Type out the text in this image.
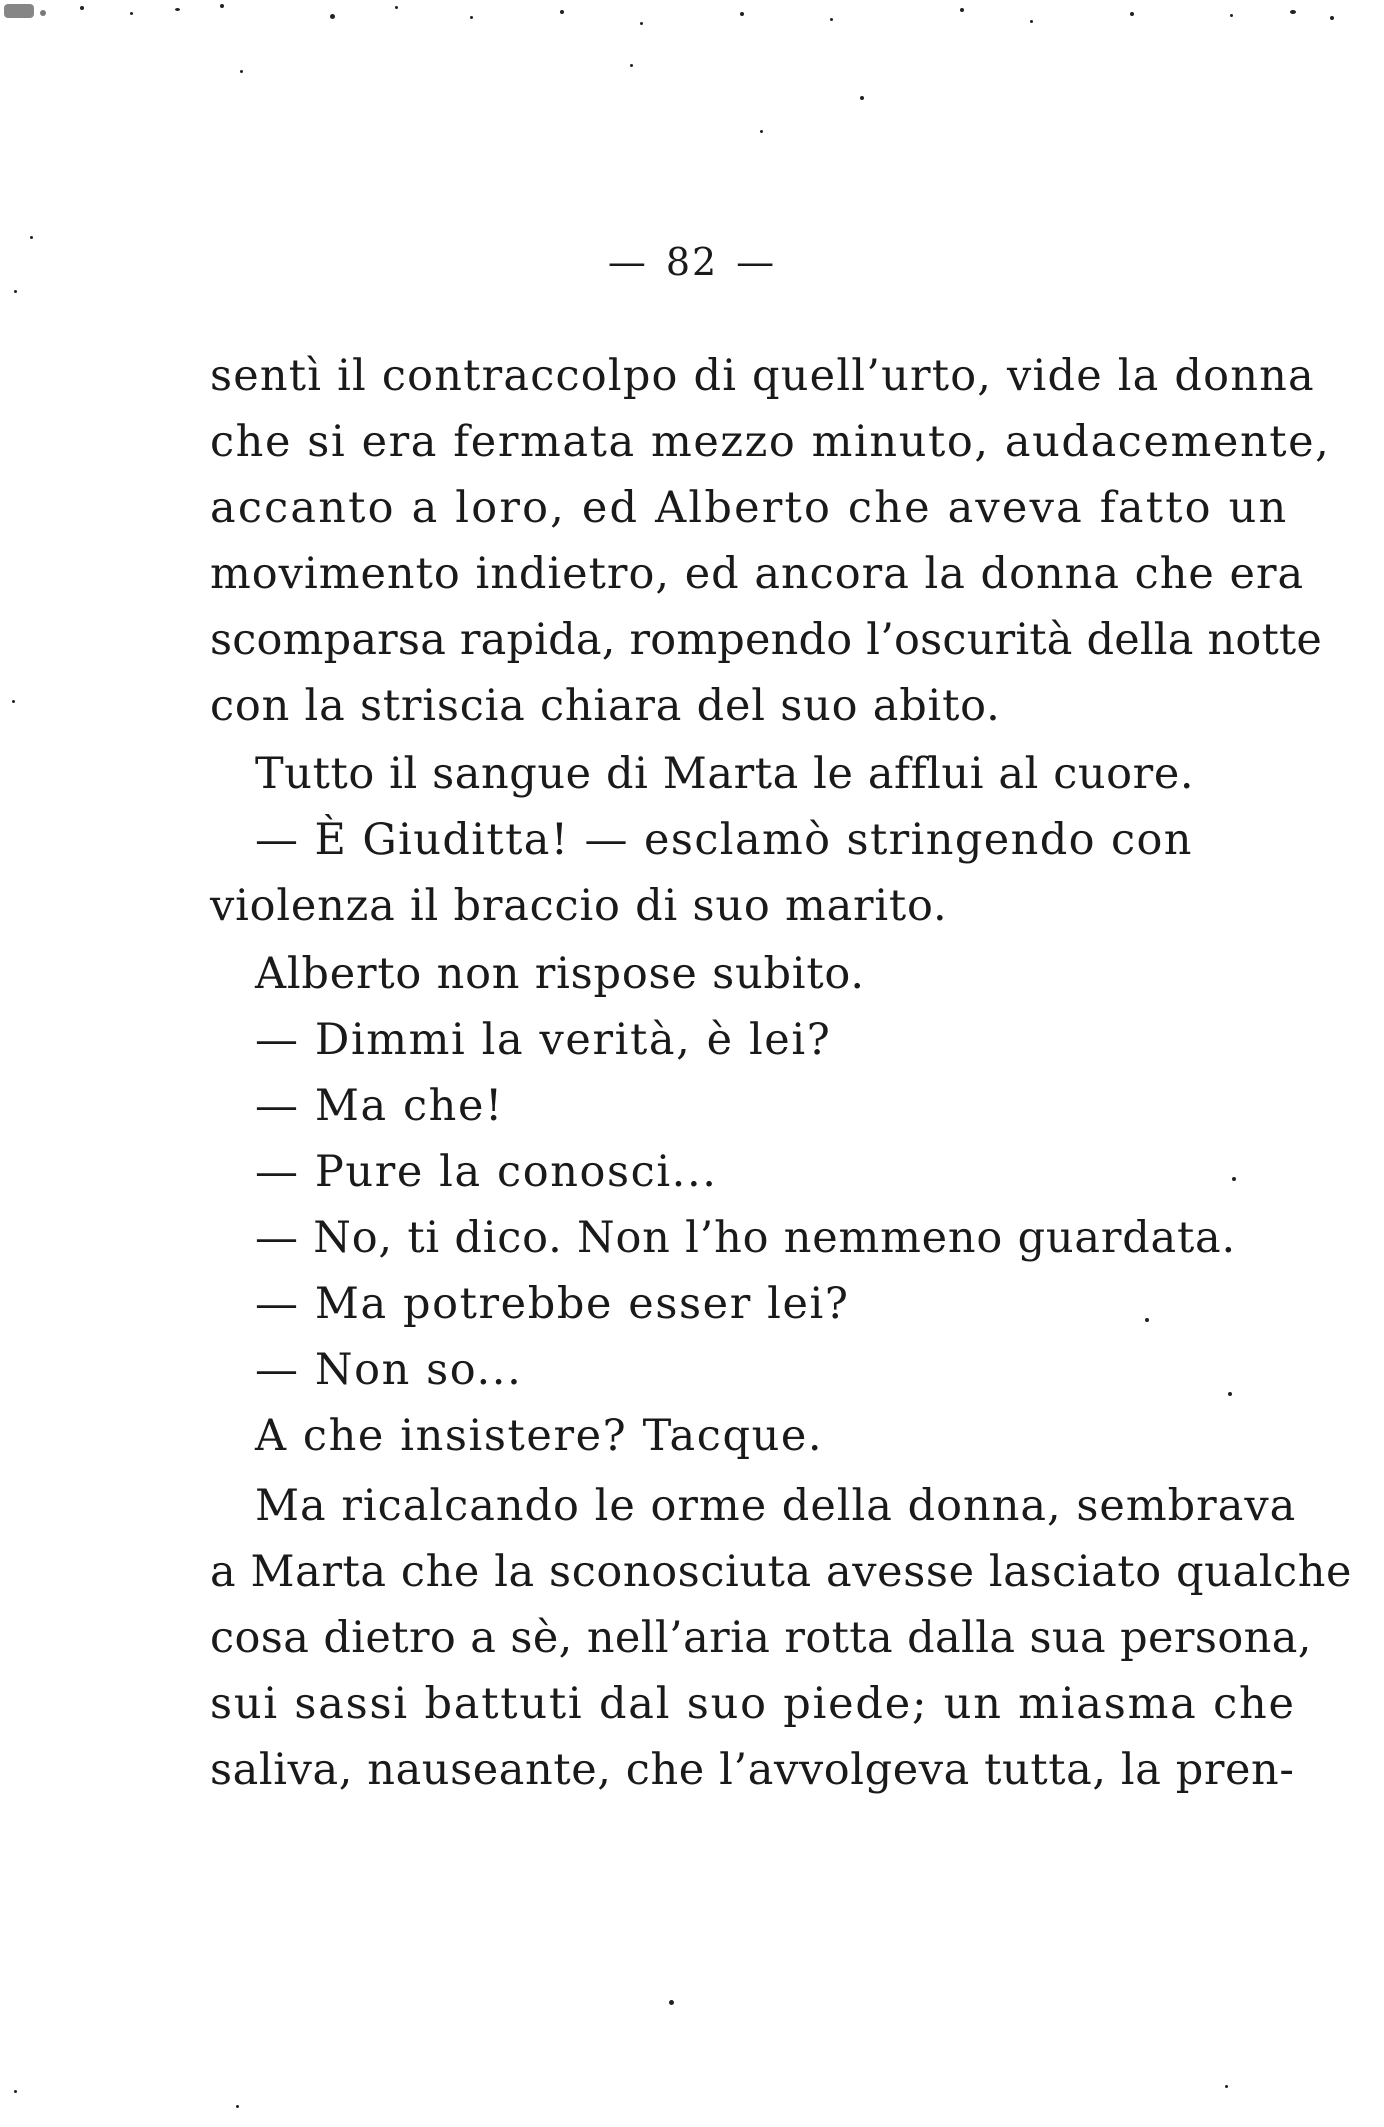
— 82 —
sentì il contraccolpo di quell’urto, vide la donna
che si era fermata mezzo minuto, audacemente,
accanto a loro, ed Alberto che aveva fatto un
movimento indietro, ed ancora la donna che era
scomparsa rapida, rompendo l’oscurità della notte
con la striscia chiara del suo abito.
Tutto il sangue di Marta le afflui al cuore.
— È Giuditta! — esclamò stringendo con
violenza il braccio di suo marito.
Alberto non rispose subito.
— Dimmi la verità, è lei?
— Ma che!
— Pure la conosci...
— No, ti dico. Non l’ho nemmeno guardata.
— Ma potrebbe esser lei?
— Non so...
A che insistere? Tacque.
Ma ricalcando le orme della donna, sembrava
a Marta che la sconosciuta avesse lasciato qualche
cosa dietro a sè, nell’aria rotta dalla sua persona,
sui sassi battuti dal suo piede; un miasma che
saliva, nauseante, che l’avvolgeva tutta, la pren-
